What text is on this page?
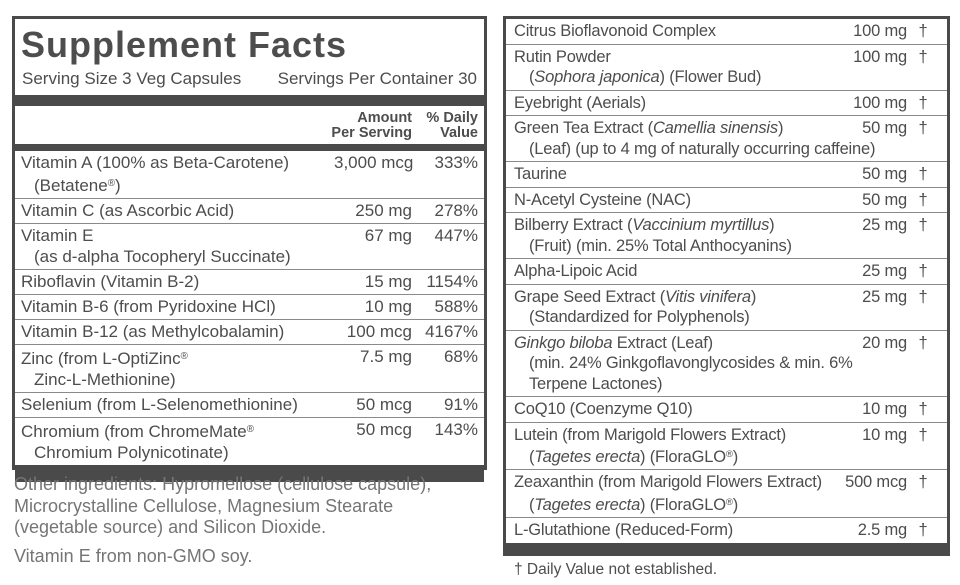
Supplement Facts
Serving Size 3 Veg Capsules Servings Per Container 30
Amount
Per Serving
% Daily
Value
Vitamin A (100% as Beta-Carotene)
(Betatene®)
3,000 mcg	333%
Vitamin C (as Ascorbic Acid)	250 mg	278%
Vitamin E
(as d-alpha Tocopheryl Succinate)
67 mg	447%
Riboflavin (Vitamin B-2)	15 mg 1154%
Vitamin B-6 (from Pyridoxine HCl)	10 mg	588%
Vitamin B-12 (as Methylcobalamin)	100 mcg 4167%
Zinc (from L-OptiZinc®
Zinc-L-Methionine)
7.5 mg	68%
Selenium (from L-Selenomethionine)	50 mcg	91%
Chromium (from ChromeMate®
Chromium Polynicotinate)
50 mcg	143%
Other ingredients: Hypromellose (cellulose capsule),
Microcrystalline Cellulose, Magnesium Stearate
(vegetable source) and Silicon Dioxide.
Vitamin E from non-GMO soy.
Citrus Bioflavonoid Complex	100 mg †
Rutin Powder
(Sophora japonica) (Flower Bud)
100 mg †
Eyebright (Aerials)	100 mg †
Green Tea Extract (Camellia sinensis)
(Leaf) (up to 4 mg of naturally occurring caffeine)
50 mg †
Taurine	50 mg †
N-Acetyl Cysteine (NAC)	50 mg †
Bilberry Extract (Vaccinium myrtillus)
(Fruit) (min. 25% Total Anthocyanins)
25 mg †
Alpha-Lipoic Acid	25 mg †
Grape Seed Extract (Vitis vinifera)
(Standardized for Polyphenols)
25 mg †
Ginkgo biloba Extract (Leaf)
(min. 24% Ginkgoflavonglycosides & min. 6%
Terpene Lactones)
20 mg †
CoQ10 (Coenzyme Q10)	10 mg †
Lutein (from Marigold Flowers Extract)
(Tagetes erecta) (FloraGLO®)
10 mg †
Zeaxanthin (from Marigold Flowers Extract)
(Tagetes erecta) (FloraGLO®)
500 mcg †
L-Glutathione (Reduced-Form)	2.5 mg †
† Daily Value not established.
